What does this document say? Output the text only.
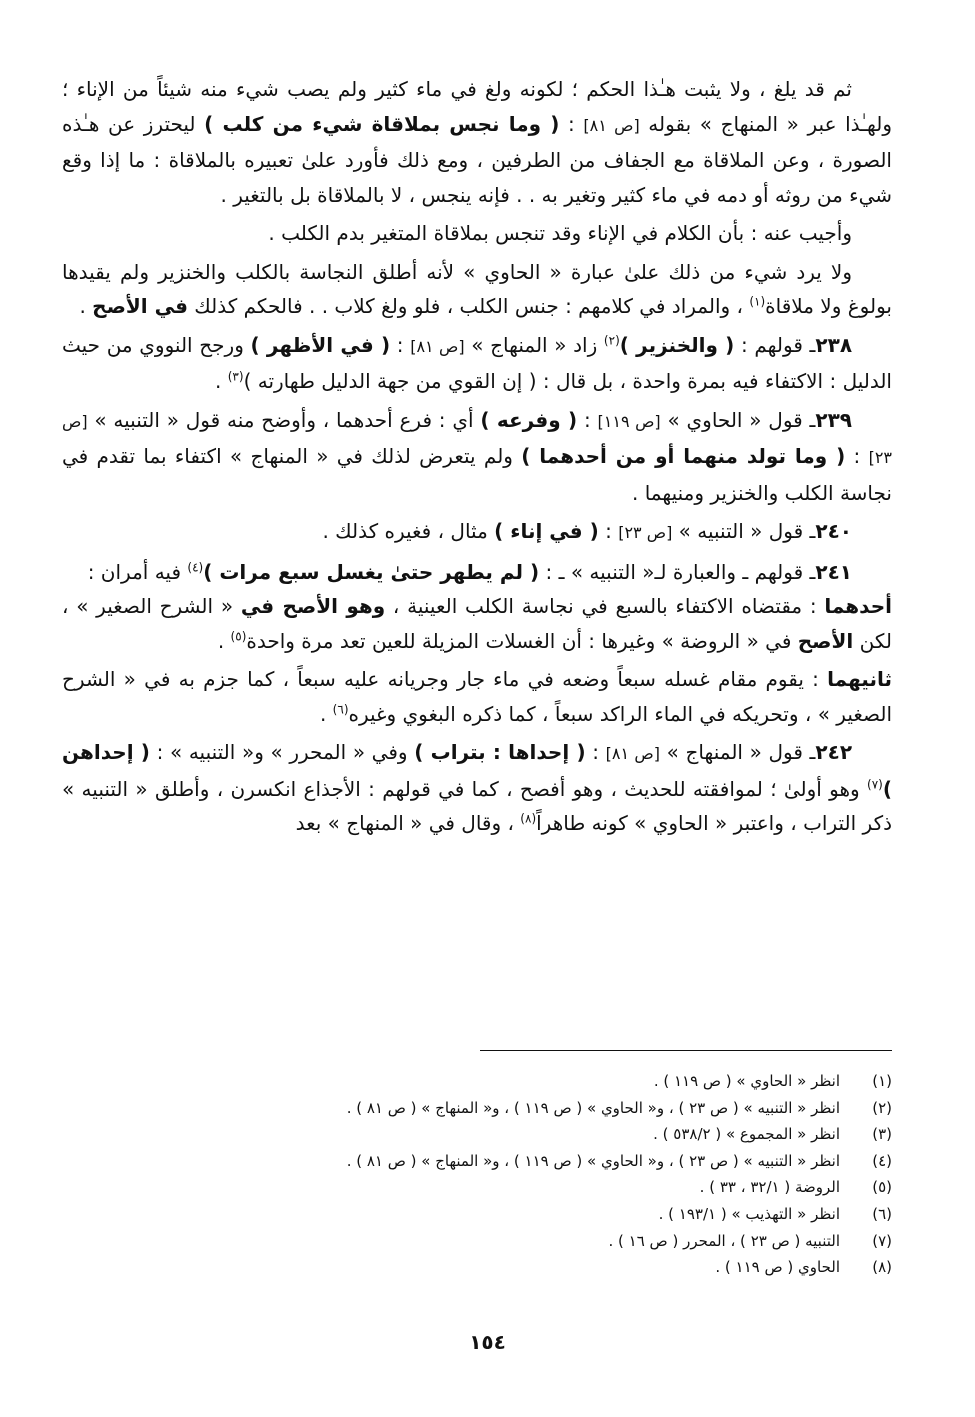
ثم قد يلغ ، ولا يثبت هـٰذا الحكم ؛ لكونه ولغ في ماء كثير ولم يصب شيء منه شيئاً من الإناء ؛ ولهـٰذا عبر « المنهاج » بقوله [ص ٨١] : ( وما نجس بملاقاة شيء من كلب ) ليحترز عن هـٰذه الصورة ، وعن الملاقاة مع الجفاف من الطرفين ، ومع ذلك فأورد علىٰ تعبيره بالملاقاة : ما إذا وقع شيء من روثه أو دمه في ماء كثير وتغير به . . فإنه ينجس ، لا بالملاقاة بل بالتغير .

وأجيب عنه : بأن الكلام في الإناء وقد تنجس بملاقاة المتغير بدم الكلب .

ولا يرد شيء من ذلك علىٰ عبارة « الحاوي » لأنه أطلق النجاسة بالكلب والخنزير ولم يقيدها بولوغ ولا ملاقاة$^{(١)}$ ، والمراد في كلامهم : جنس الكلب ، فلو ولغ كلاب . . فالحكم كذلك في الأصح .

٢٣٨ـ قولهم : ( والخنزير )$^{(٢)}$ زاد « المنهاج » [ص ٨١] : ( في الأظهر ) ورجح النووي من حيث الدليل : الاكتفاء فيه بمرة واحدة ، بل قال : ( إن القوي من جهة الدليل طهارته )$^{(٣)}$ .

٢٣٩ـ قول « الحاوي » [ص ١١٩] : ( وفرعه ) أي : فرع أحدهما ، وأوضح منه قول « التنبيه » [ص ٢٣] : ( وما تولد منهما أو من أحدهما ) ولم يتعرض لذلك في « المنهاج » اكتفاء بما تقدم في نجاسة الكلب والخنزير ومنيهما .

٢٤٠ـ قول « التنبيه » [ص ٢٣] : ( في إناء ) مثال ، فغيره كذلك .

٢٤١ـ قولهم ـ والعبارة لـ« التنبيه » ـ : ( لم يطهر حتىٰ يغسل سبع مرات )$^{(٤)}$ فيه أمران :

أحدهما : مقتضاه الاكتفاء بالسبع في نجاسة الكلب العينية ، وهو الأصح في « الشرح الصغير » ، لكن الأصح في « الروضة » وغيرها : أن الغسلات المزيلة للعين تعد مرة واحدة$^{(٥)}$ .

ثانيهما : يقوم مقام غسله سبعاً وضعه في ماء جار وجريانه عليه سبعاً ، كما جزم به في « الشرح الصغير » ، وتحريكه في الماء الراكد سبعاً ، كما ذكره البغوي وغيره$^{(٦)}$ .

٢٤٢ـ قول « المنهاج » [ص ٨١] : ( إحداها : بتراب ) وفي « المحرر » و« التنبيه » : ( إحداهن )$^{(٧)}$ وهو أولىٰ ؛ لموافقته للحديث ، وهو أفصح ، كما في قولهم : الأجذاع انكسرن ، وأطلق « التنبيه » ذكر التراب ، واعتبر « الحاوي » كونه طاهراً$^{(٨)}$ ، وقال في « المنهاج » بعد

(١)انظر « الحاوي » ( ص ١١٩ ) .
(٢)انظر « التنبيه » ( ص ٢٣ ) ، و« الحاوي » ( ص ١١٩ ) ، و« المنهاج » ( ص ٨١ ) .
(٣)انظر « المجموع » ( ٥٣٨/٢ ) .
(٤)انظر « التنبيه » ( ص ٢٣ ) ، و« الحاوي » ( ص ١١٩ ) ، و« المنهاج » ( ص ٨١ ) .
(٥)الروضة ( ٣٢/١ ، ٣٣ ) .
(٦)انظر « التهذيب » ( ١٩٣/١ ) .
(٧)التنبيه ( ص ٢٣ ) ، المحرر ( ص ١٦ ) .
(٨)الحاوي ( ص ١١٩ ) .
١٥٤
